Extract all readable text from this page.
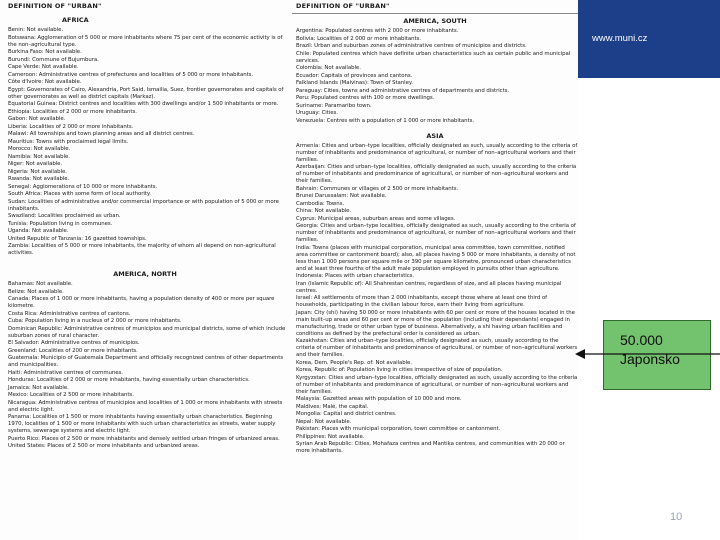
DEFINITION OF "URBAN"
AFRICA
Benin: Not available.
Botswana: Agglomeration of 5 000 or more inhabitants where 75 per cent of the economic activity is of the non–agricultural type.
Burkina Faso: Not available.
Burundi: Commune of Bujumbura.
Cape Verde: Not available.
Cameroon: Administrative centres of prefectures and localities of 5 000 or more inhabitants.
Côte d'Ivoire: Not available.
Egypt: Governorates of Cairo, Alexandria, Port Said, Ismailia, Suez, frontier governorates and capitals of other governorates as well as district capitals (Markaz).
Equatorial Guinea: District centres and localities with 300 dwellings and/or 1 500 inhabitants or more.
Ethiopia: Localities of 2 000 or more inhabitants.
Gabon: Not available.
Liberia: Localities of 2 000 or more inhabitants.
Malawi: All townships and town planning areas and all district centres.
Mauritius: Towns with proclaimed legal limits.
Morocco: Not available.
Namibia: Not available.
Niger: Not available.
Nigeria: Not available.
Rwanda: Not available.
Senegal: Agglomerations of 10 000 or more inhabitants.
South Africa: Places with some form of local authority.
Sudan: Localities of administrative and/or commercial importance or with population of 5 000 or more inhabitants.
Swaziland: Localities proclaimed as urban.
Tunisia: Population living in communes.
Uganda: Not available.
United Republic of Tanzania: 16 gazetted townships.
Zambia: Localities of 5 000 or more inhabitants, the majority of whom all depend on non-agricultural activities.
AMERICA, NORTH
Bahamas: Not available.
Belize: Not available.
Canada: Places of 1 000 or more inhabitants, having a population density of 400 or more per square kilometre.
Costa Rica: Administrative centres of cantons.
Cuba: Population living in a nucleus of 2 000 or more inhabitants.
Dominican Republic: Administrative centres of municipios and municipal districts, some of which include suburban zones of rural character.
El Salvador: Administrative centres of municipios.
Greenland: Localities of 200 or more inhabitants.
Guatemala: Municipio of Guatemala Department and officially recognized centres of other departments and municipalities.
Haiti: Administrative centres of communes.
Honduras: Localities of 2 000 or more inhabitants, having essentially urban characteristics.
Jamaica: Not available.
Mexico: Localities of 2 500 or more inhabitants.
Nicaragua: Administrative centres of municipios and localities of 1 000 or more inhabitants with streets and electric light.
Panama: Localities of 1 500 or more inhabitants having essentially urban characteristics. Beginning 1970, localities of 1 500 or more inhabitants with such urban characteristics as streets, water supply systems, sewerage systems and electric light.
Puerto Rico: Places of 2 500 or more inhabitants and densely settled urban fringes of urbanized areas.
United States: Places of 2 500 or more inhabitants and urbanized areas.
DEFINITION OF "URBAN"
AMERICA, SOUTH
Argentina: Populated centres with 2 000 or more inhabitants.
Bolivia: Localities of 2 000 or more inhabitants.
Brazil: Urban and suburban zones of administrative centres of municipios and districts.
Chile: Populated centres which have definite urban characteristics such as certain public and municipal services.
Colombia: Not available.
Ecuador: Capitals of provinces and cantons.
Falkland Islands (Malvinas): Town of Stanley.
Paraguay: Cities, towns and administrative centres of departments and districts.
Peru: Populated centres with 100 or more dwellings.
Suriname: Paramaribo town.
Uruguay: Cities.
Venezuela: Centres with a population of 1 000 or more inhabitants.
ASIA
Armenia: Cities and urban–type localities, officially designated as such, usually according to the criteria of number of inhabitants and predominance of agricultural, or number of non–agricultural workers and their families.
Azerbaijan: Cities and urban–type localities, officially designated as such, usually according to the criteria of number of inhabitants and predominance of agricultural, or number of non–agricultural workers and their families.
Bahrain: Communes or villages of 2 500 or more inhabitants.
Brunei Darussalam: Not available.
Cambodia: Towns.
China: Not available.
Cyprus: Municipal areas, suburban areas and some villages.
Georgia: Cities and urban–type localities, officially designated as such, usually according to the criteria of number of inhabitants and predominance of agricultural, or number of non–agricultural workers and their families.
India: Towns (places with municipal corporation, municipal area committee, town committee, notified area committee or cantonment board); also, all places having 5 000 or more inhabitants, a density of not less than 1 000 persons per square mile or 390 per square kilometre, pronounced urban characteristics and at least three fourths of the adult male population employed in pursuits other than agriculture.
Indonesia: Places with urban characteristics.
Iran (Islamic Republic of): All Shahrestan centres, regardless of size, and all places having municipal centres.
Israel: All settlements of more than 2 000 inhabitants, except those where at least one third of households, participating in the civilian labour force, earn their living from agriculture.
Japan: City (shi) having 50 000 or more inhabitants with 60 per cent or more of the houses located in the main built–up areas and 60 per cent or more of the population (including their dependants) engaged in manufacturing, trade or other urban type of business. Alternatively, a shi having urban facilities and conditions as defined by the prefectural order is considered as urban.
Kazakhstan: Cities and urban–type localities, officially designated as such, usually according to the criteria of number of inhabitants and predominance of agricultural, or number of non–agricultural workers and their families.
Korea, Dem. People's Rep. of: Not available.
Korea, Republic of: Population living in cities irrespective of size of population.
Kyrgyzstan: Cities and urban–type localities, officially designated as such, usually according to the criteria of number of inhabitants and predominance of agricultural, or number of non–agricultural workers and their families.
Malaysia: Gazetted areas with population of 10 000 and more.
Maldives: Malé, the capital.
Mongolia: Capital and district centres.
Nepal: Not available.
Pakistan: Places with municipal corporation, town committee or cantonment.
Philippines: Not available.
Syrian Arab Republic: Cities, Mohafaza centres and Mantika centres, and communities with 20 000 or more inhabitants.
www.muni.cz
50.000
Japonsko
10
